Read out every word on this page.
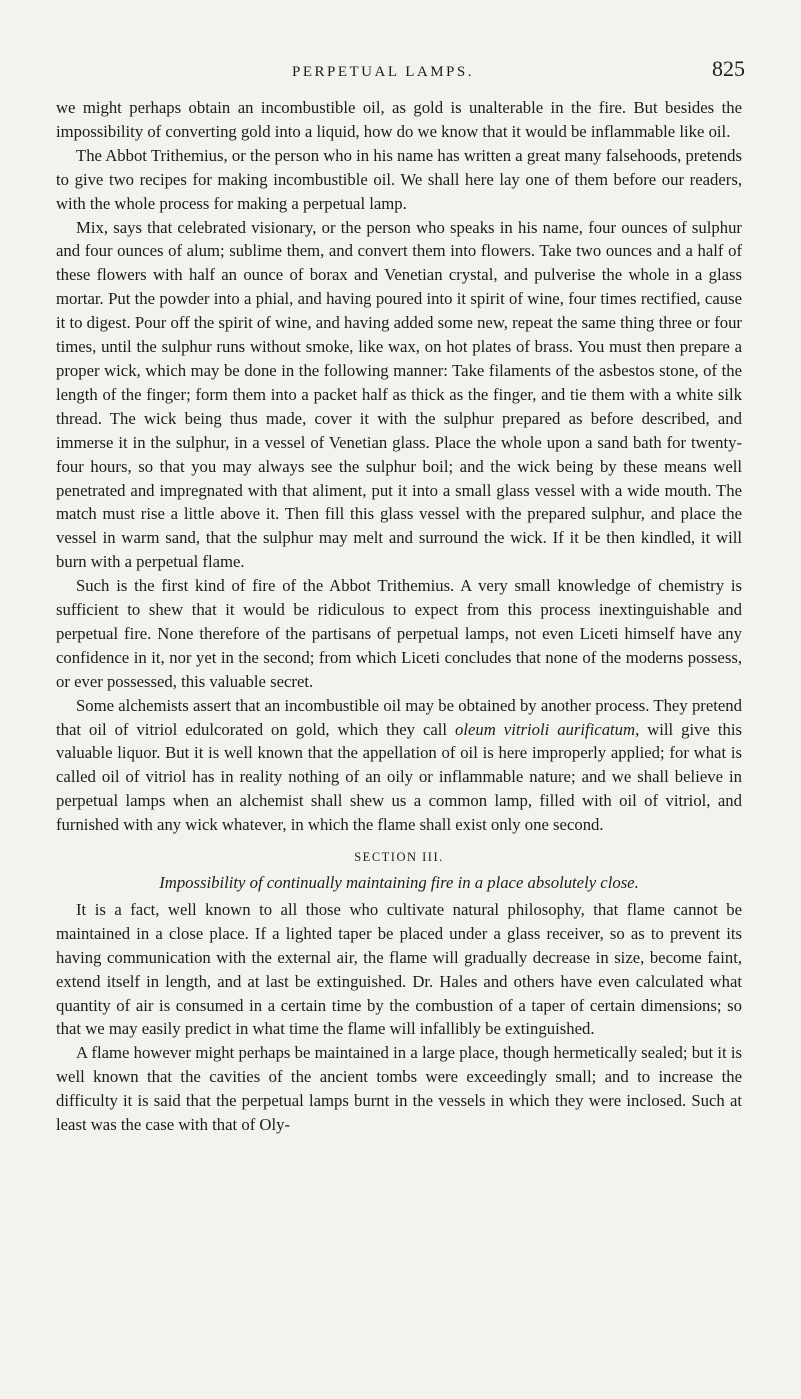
PERPETUAL LAMPS.	825

we might perhaps obtain an incombustible oil, as gold is unalterable in the fire. But besides the impossibility of converting gold into a liquid, how do we know that it would be inflammable like oil.

The Abbot Trithemius, or the person who in his name has written a great many falsehoods, pretends to give two recipes for making incombustible oil. We shall here lay one of them before our readers, with the whole process for making a perpetual lamp.

Mix, says that celebrated visionary, or the person who speaks in his name, four ounces of sulphur and four ounces of alum; sublime them, and convert them into flowers. Take two ounces and a half of these flowers with half an ounce of borax and Venetian crystal, and pulverise the whole in a glass mortar. Put the powder into a phial, and having poured into it spirit of wine, four times rectified, cause it to digest. Pour off the spirit of wine, and having added some new, repeat the same thing three or four times, until the sulphur runs without smoke, like wax, on hot plates of brass. You must then prepare a proper wick, which may be done in the following manner: Take filaments of the asbestos stone, of the length of the finger; form them into a packet half as thick as the finger, and tie them with a white silk thread. The wick being thus made, cover it with the sulphur prepared as before described, and immerse it in the sulphur, in a vessel of Venetian glass. Place the whole upon a sand bath for twenty-four hours, so that you may always see the sulphur boil; and the wick being by these means well penetrated and impregnated with that aliment, put it into a small glass vessel with a wide mouth. The match must rise a little above it. Then fill this glass vessel with the prepared sulphur, and place the vessel in warm sand, that the sulphur may melt and surround the wick. If it be then kindled, it will burn with a perpetual flame.

Such is the first kind of fire of the Abbot Trithemius. A very small knowledge of chemistry is sufficient to shew that it would be ridiculous to expect from this process inextinguishable and perpetual fire. None therefore of the partisans of perpetual lamps, not even Liceti himself have any confidence in it, nor yet in the second; from which Liceti concludes that none of the moderns possess, or ever possessed, this valuable secret.

Some alchemists assert that an incombustible oil may be obtained by another process. They pretend that oil of vitriol edulcorated on gold, which they call oleum vitrioli aurificatum, will give this valuable liquor. But it is well known that the appellation of oil is here improperly applied; for what is called oil of vitriol has in reality nothing of an oily or inflammable nature; and we shall believe in perpetual lamps when an alchemist shall shew us a common lamp, filled with oil of vitriol, and furnished with any wick whatever, in which the flame shall exist only one second.

SECTION III.
Impossibility of continually maintaining fire in a place absolutely close.

It is a fact, well known to all those who cultivate natural philosophy, that flame cannot be maintained in a close place. If a lighted taper be placed under a glass receiver, so as to prevent its having communication with the external air, the flame will gradually decrease in size, become faint, extend itself in length, and at last be extinguished. Dr. Hales and others have even calculated what quantity of air is consumed in a certain time by the combustion of a taper of certain dimensions; so that we may easily predict in what time the flame will infallibly be extinguished.

A flame however might perhaps be maintained in a large place, though hermetically sealed; but it is well known that the cavities of the ancient tombs were exceedingly small; and to increase the difficulty it is said that the perpetual lamps burnt in the vessels in which they were inclosed. Such at least was the case with that of Oly-
